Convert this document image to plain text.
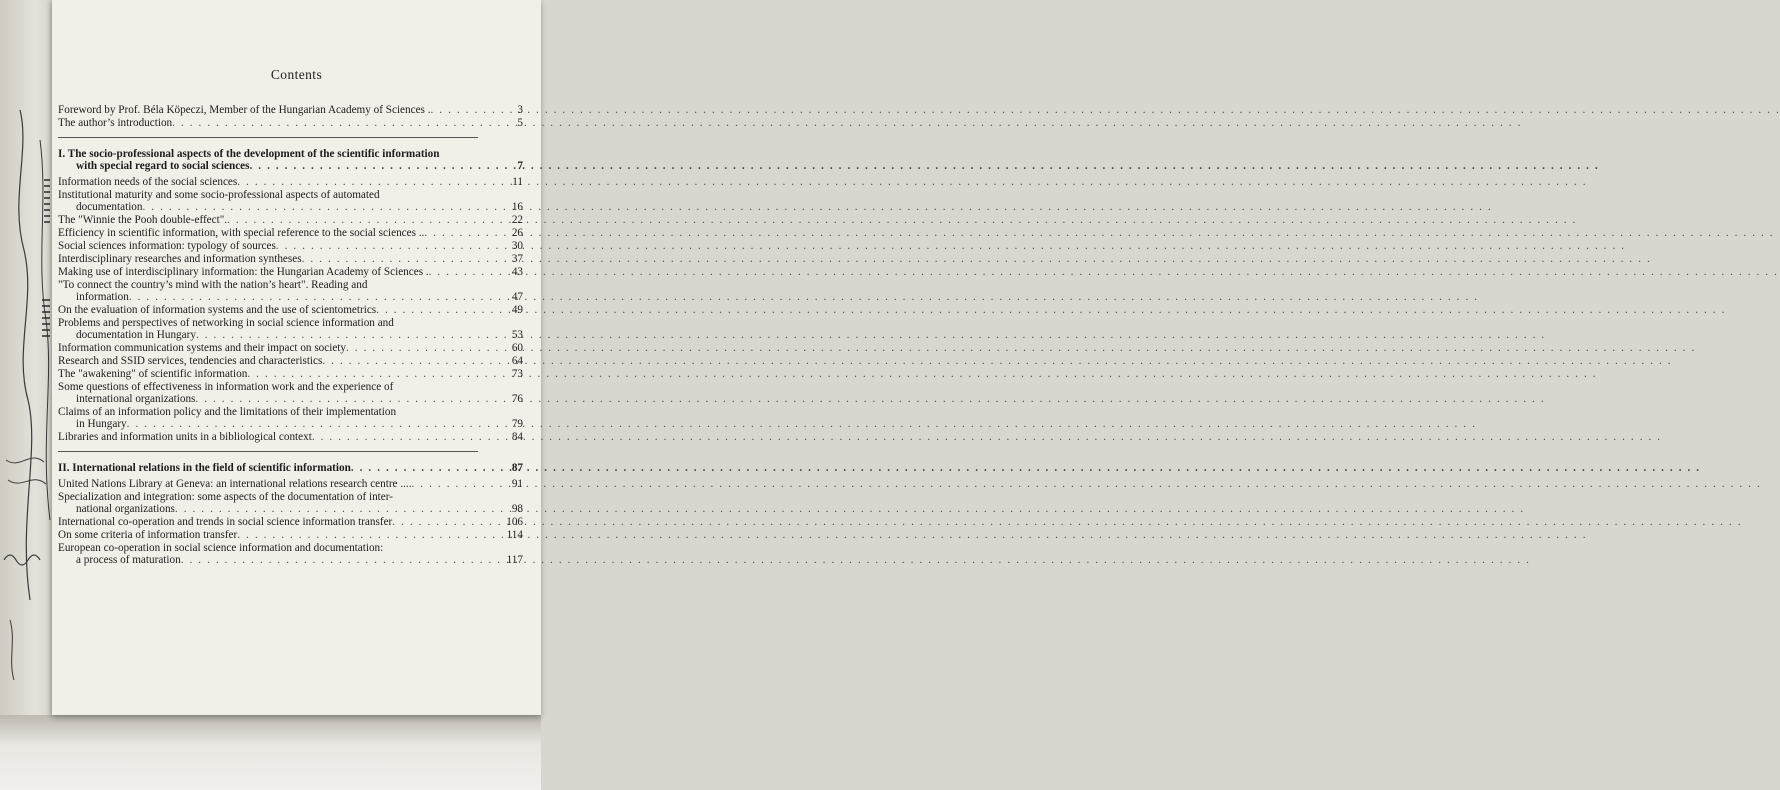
Contents
Foreword by Prof. Béla Köpeczi, Member of the Hungarian Academy of Sciences . . . .	3
The author’s introduction . . .	5
I. The socio-professional aspects of the development of the scientific information
with special regard to social sciences . . .	7
Information needs of the social sciences . . .	11
Institutional maturity and some socio-professional aspects of automated
documentation . . .	16
The "Winnie the Pooh double-effect". . . .	22
Efficiency in scientific information, with special reference to the social sciences .. . . .	26
Social sciences information: typology of sources . . .	30
Interdisciplinary researches and information syntheses . . .	37
Making use of interdisciplinary information: the Hungarian Academy of Sciences . . . .	43
"To connect the country’s mind with the nation’s heart". Reading and
information . . .	47
On the evaluation of information systems and the use of scientometrics . . .	49
Problems and perspectives of networking in social science information and
documentation in Hungary . . .	53
Information communication systems and their impact on society . . .	60
Research and SSID services, tendencies and characteristics . . .	64
The "awakening" of scientific information . . .	73
Some questions of effectiveness in information work and the experience of
international organizations . . .	76
Claims of an information policy and the limitations of their implementation
in Hungary . . .	79
Libraries and information units in a bibliological context . . .	84
II. International relations in the field of scientific information . . .	87
United Nations Library at Geneva: an international relations research centre .... . . .	91
Specialization and integration: some aspects of the documentation of inter-
national organizations . . .	98
International co-operation and trends in social science information transfer . . .	106
On some criteria of information transfer . . .	114
European co-operation in social science information and documentation:
a process of maturation . . .	117
